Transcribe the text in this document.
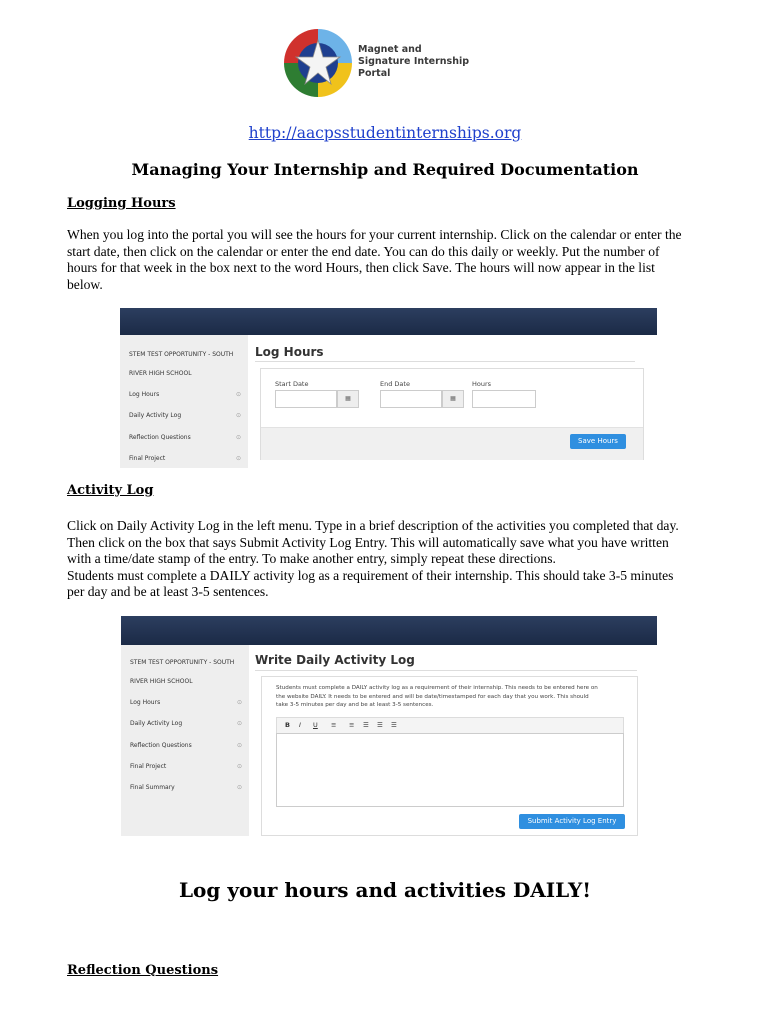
Magnet and
Signature Internship
Portal
http://aacpsstudentinternships.org
Managing Your Internship and Required Documentation
Logging Hours
When you log into the portal you will see the hours for your current internship. Click on the calendar or enter the
start date, then click on the calendar or enter the end date. You can do this daily or weekly. Put the number of
hours for that week in the box next to the word Hours, then click Save. The hours will now appear in the list
below.
STEM TEST OPPORTUNITY - SOUTH
RIVER HIGH SCHOOL
Log Hours	⊙
Daily Activity Log	⊙
Reflection Questions	⊙
Final Project	⊙
Log Hours
Start Date
▦
End Date
▦
Hours
Save Hours
Activity Log
Click on Daily Activity Log in the left menu. Type in a brief description of the activities you completed that day.
Then click on the box that says Submit Activity Log Entry. This will automatically save what you have written
with a time/date stamp of the entry. To make another entry, simply repeat these directions.
Students must complete a DAILY activity log as a requirement of their internship. This should take 3-5 minutes
per day and be at least 3-5 sentences.
STEM TEST OPPORTUNITY - SOUTH
RIVER HIGH SCHOOL
Log Hours	⊙
Daily Activity Log	⊙
Reflection Questions	⊙
Final Project	⊙
Final Summary	⊙
Write Daily Activity Log
Students must complete a DAILY activity log as a requirement of their internship. This needs to be entered here on
the website DAILY. It needs to be entered and will be date/timestamped for each day that you work. This should
take 3-5 minutes per day and be at least 3-5 sentences.
B I U ≡ ≡ ☰ ☰ ☰
Submit Activity Log Entry
Log your hours and activities DAILY!
Reflection Questions
